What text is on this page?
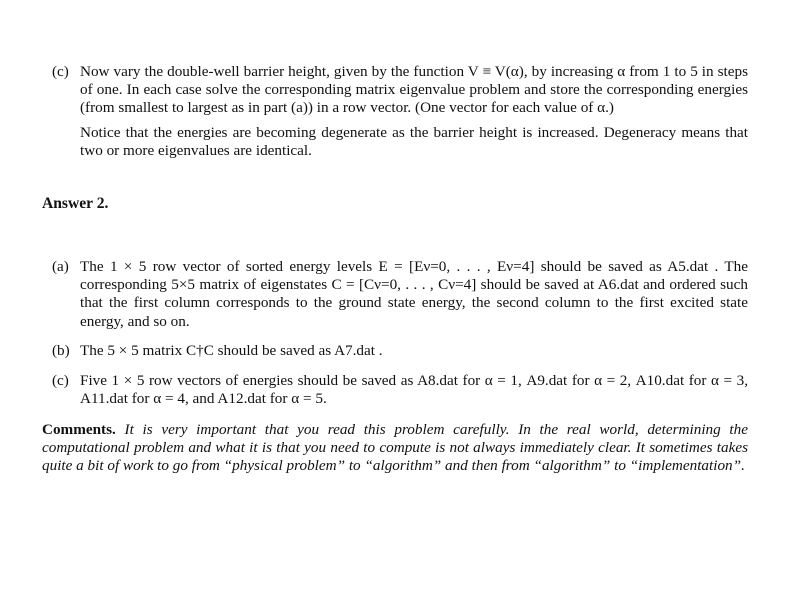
(c) Now vary the double-well barrier height, given by the function V ≡ V(α), by increasing α from 1 to 5 in steps of one. In each case solve the corresponding matrix eigenvalue problem and store the corresponding energies (from smallest to largest as in part (a)) in a row vector. (One vector for each value of α.)

Notice that the energies are becoming degenerate as the barrier height is increased. Degeneracy means that two or more eigenvalues are identical.

Answer 2.
(a) The 1 × 5 row vector of sorted energy levels E = [Eν=0, . . . , Eν=4] should be saved as A5.dat . The corresponding 5×5 matrix of eigenstates C = [Cν=0, . . . , Cν=4] should be saved at A6.dat and ordered such that the first column corresponds to the ground state energy, the second column to the first excited state energy, and so on.

(b) The 5 × 5 matrix C†C should be saved as A7.dat .

(c) Five 1 × 5 row vectors of energies should be saved as A8.dat for α = 1, A9.dat for α = 2, A10.dat for α = 3, A11.dat for α = 4, and A12.dat for α = 5.

Comments. It is very important that you read this problem carefully. In the real world, determining the computational problem and what it is that you need to compute is not always immediately clear. It sometimes takes quite a bit of work to go from “physical problem” to “algorithm” and then from “algorithm” to “implementation”.
